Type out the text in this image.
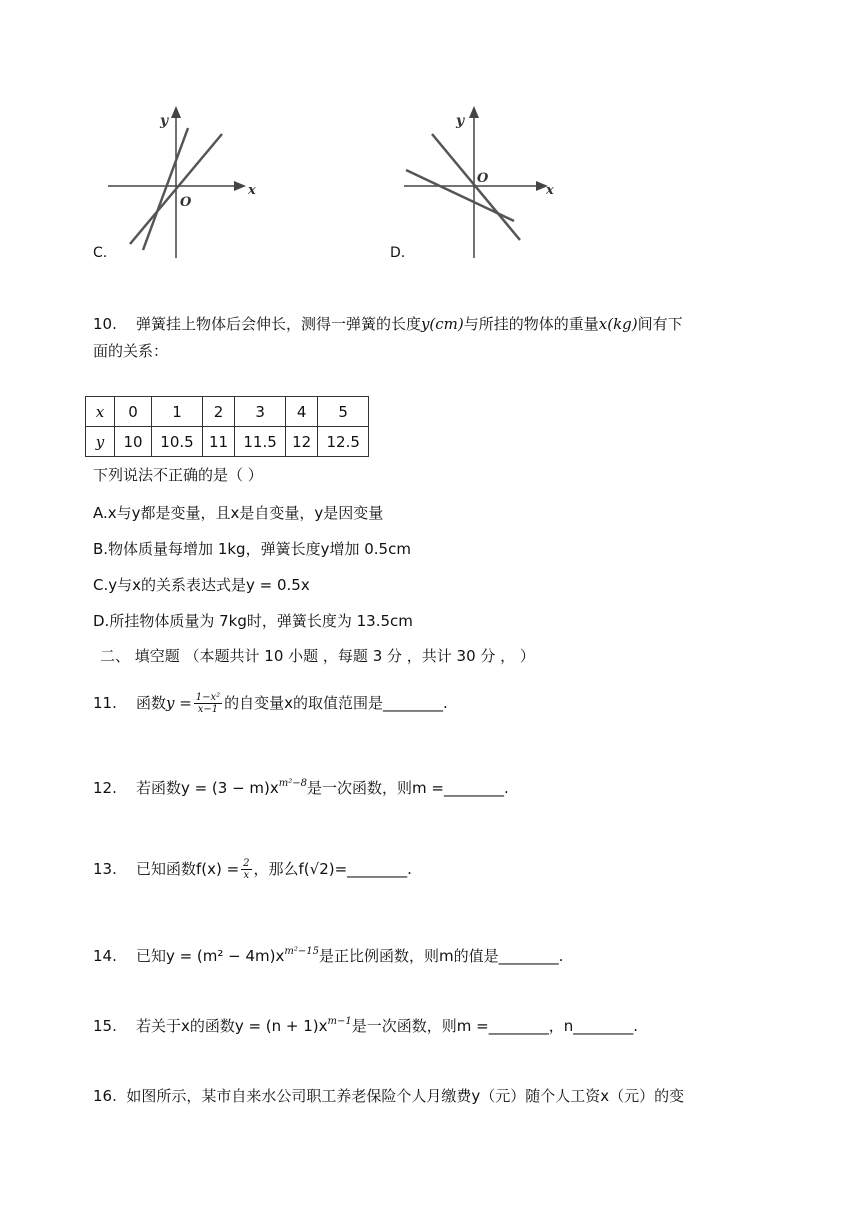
y
x
O
C.
y
x
O
D.
10. 弹簧挂上物体后会伸长，测得一弹簧的长度y(cm)与所挂的物体的重量x(kg)间有下
面的关系：
x	0	1	2	3	4	5
y	10	10.5	11	11.5	12	12.5
下列说法不正确的是（ ）
A.x与y都是变量，且x是自变量，y是因变量
B.物体质量每增加 1kg，弹簧长度y增加 0.5cm
C.y与x的关系表达式是y = 0.5x
D.所挂物体质量为 7kg时，弹簧长度为 13.5cm
二、 填空题 （本题共计 10 小题 ，每题 3 分 ，共计 30 分 ， ）
11. 函数$y = \frac{\text{1−x²}}{x-1}$ 的自变量x的取值范围是________.
12. 若函数$y = (3 - m)x^{m^2-8}$是一次函数，则m =________.
13. 已知函数$f(x) = \frac{2}{x}$ ，那么f(√2)=________.
14. 已知$y = (m^2 - 4m)x^{m^2-15}$是正比例函数，则m的值是________.
15. 若关于x的函数$y = (n + 1)x^{m-1}$是一次函数，则m =________，n________.
16. 如图所示，某市自来水公司职工养老保险个人月缴费y（元）随个人工资x（元）的变
